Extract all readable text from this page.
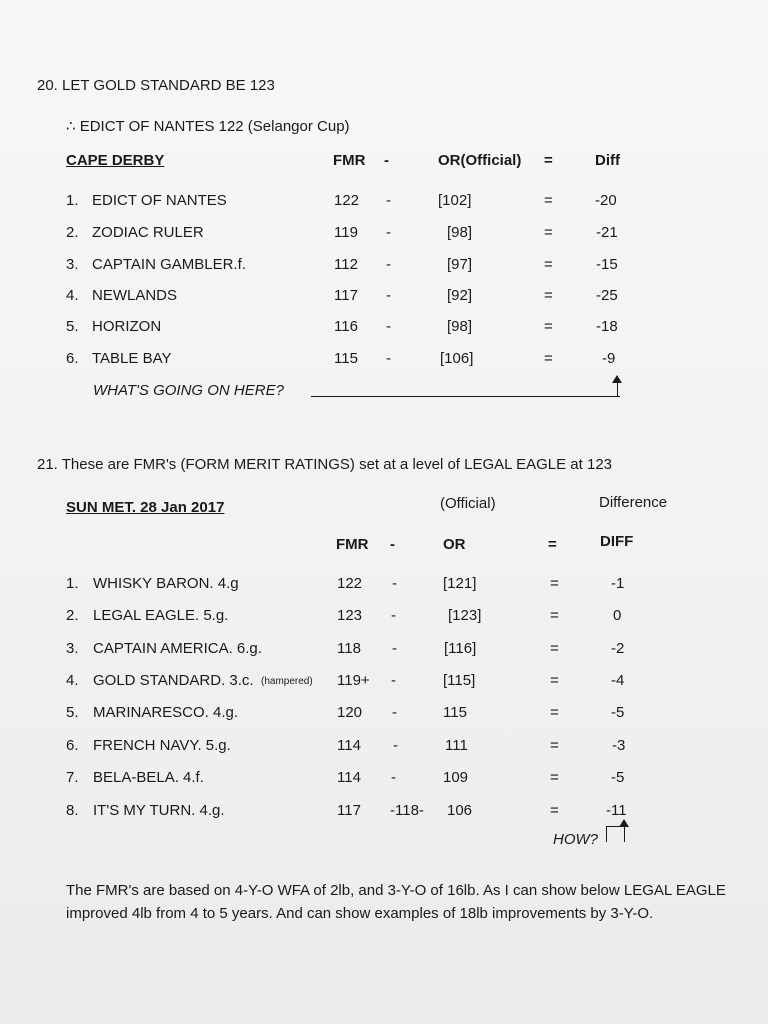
20. LET GOLD STANDARD BE 123
∴ EDICT OF NANTES 122 (Selangor Cup)
CAPE DERBY	FMR -	OR(Official) =	Diff
1. EDICT OF NANTES	122 -	[102]	=	-20
2. ZODIAC RULER	119 -	[98]	=	-21
3. CAPTAIN GAMBLER.f.	112 -	[97]	=	-15
4. NEWLANDS	117 -	[92]	=	-25
5. HORIZON	116 -	[98]	=	-18
6. TABLE BAY	115 -	[106]	=	-9
WHAT'S GOING ON HERE?
21. These are FMR's (FORM MERIT RATINGS) set at a level of LEGAL EAGLE at 123
SUN MET. 28 Jan 2017	(Official)	Difference
FMR -	OR	=	DIFF
1. WHISKY BARON. 4.g	122 -	[121]	=	-1
2. LEGAL EAGLE. 5.g.	123 -	[123]	=	0
3. CAPTAIN AMERICA. 6.g.	118 -	[116]	=	-2
4. GOLD STANDARD. 3.c. (hampered) 119+ -	[115]	=	-4
5. MARINARESCO. 4.g.	120 -	115	=	-5
6. FRENCH NAVY. 5.g.	114 -	111	=	-3
7. BELA-BELA. 4.f.	114 -	109	=	-5
8. IT'S MY TURN. 4.g.	117 -118- 106	=	-11
HOW?
The FMR's are based on 4-Y-O WFA of 2lb, and 3-Y-O of 16lb. As I can show below LEGAL EAGLE
improved 4lb from 4 to 5 years. And can show examples of 18lb improvements by 3-Y-O.
